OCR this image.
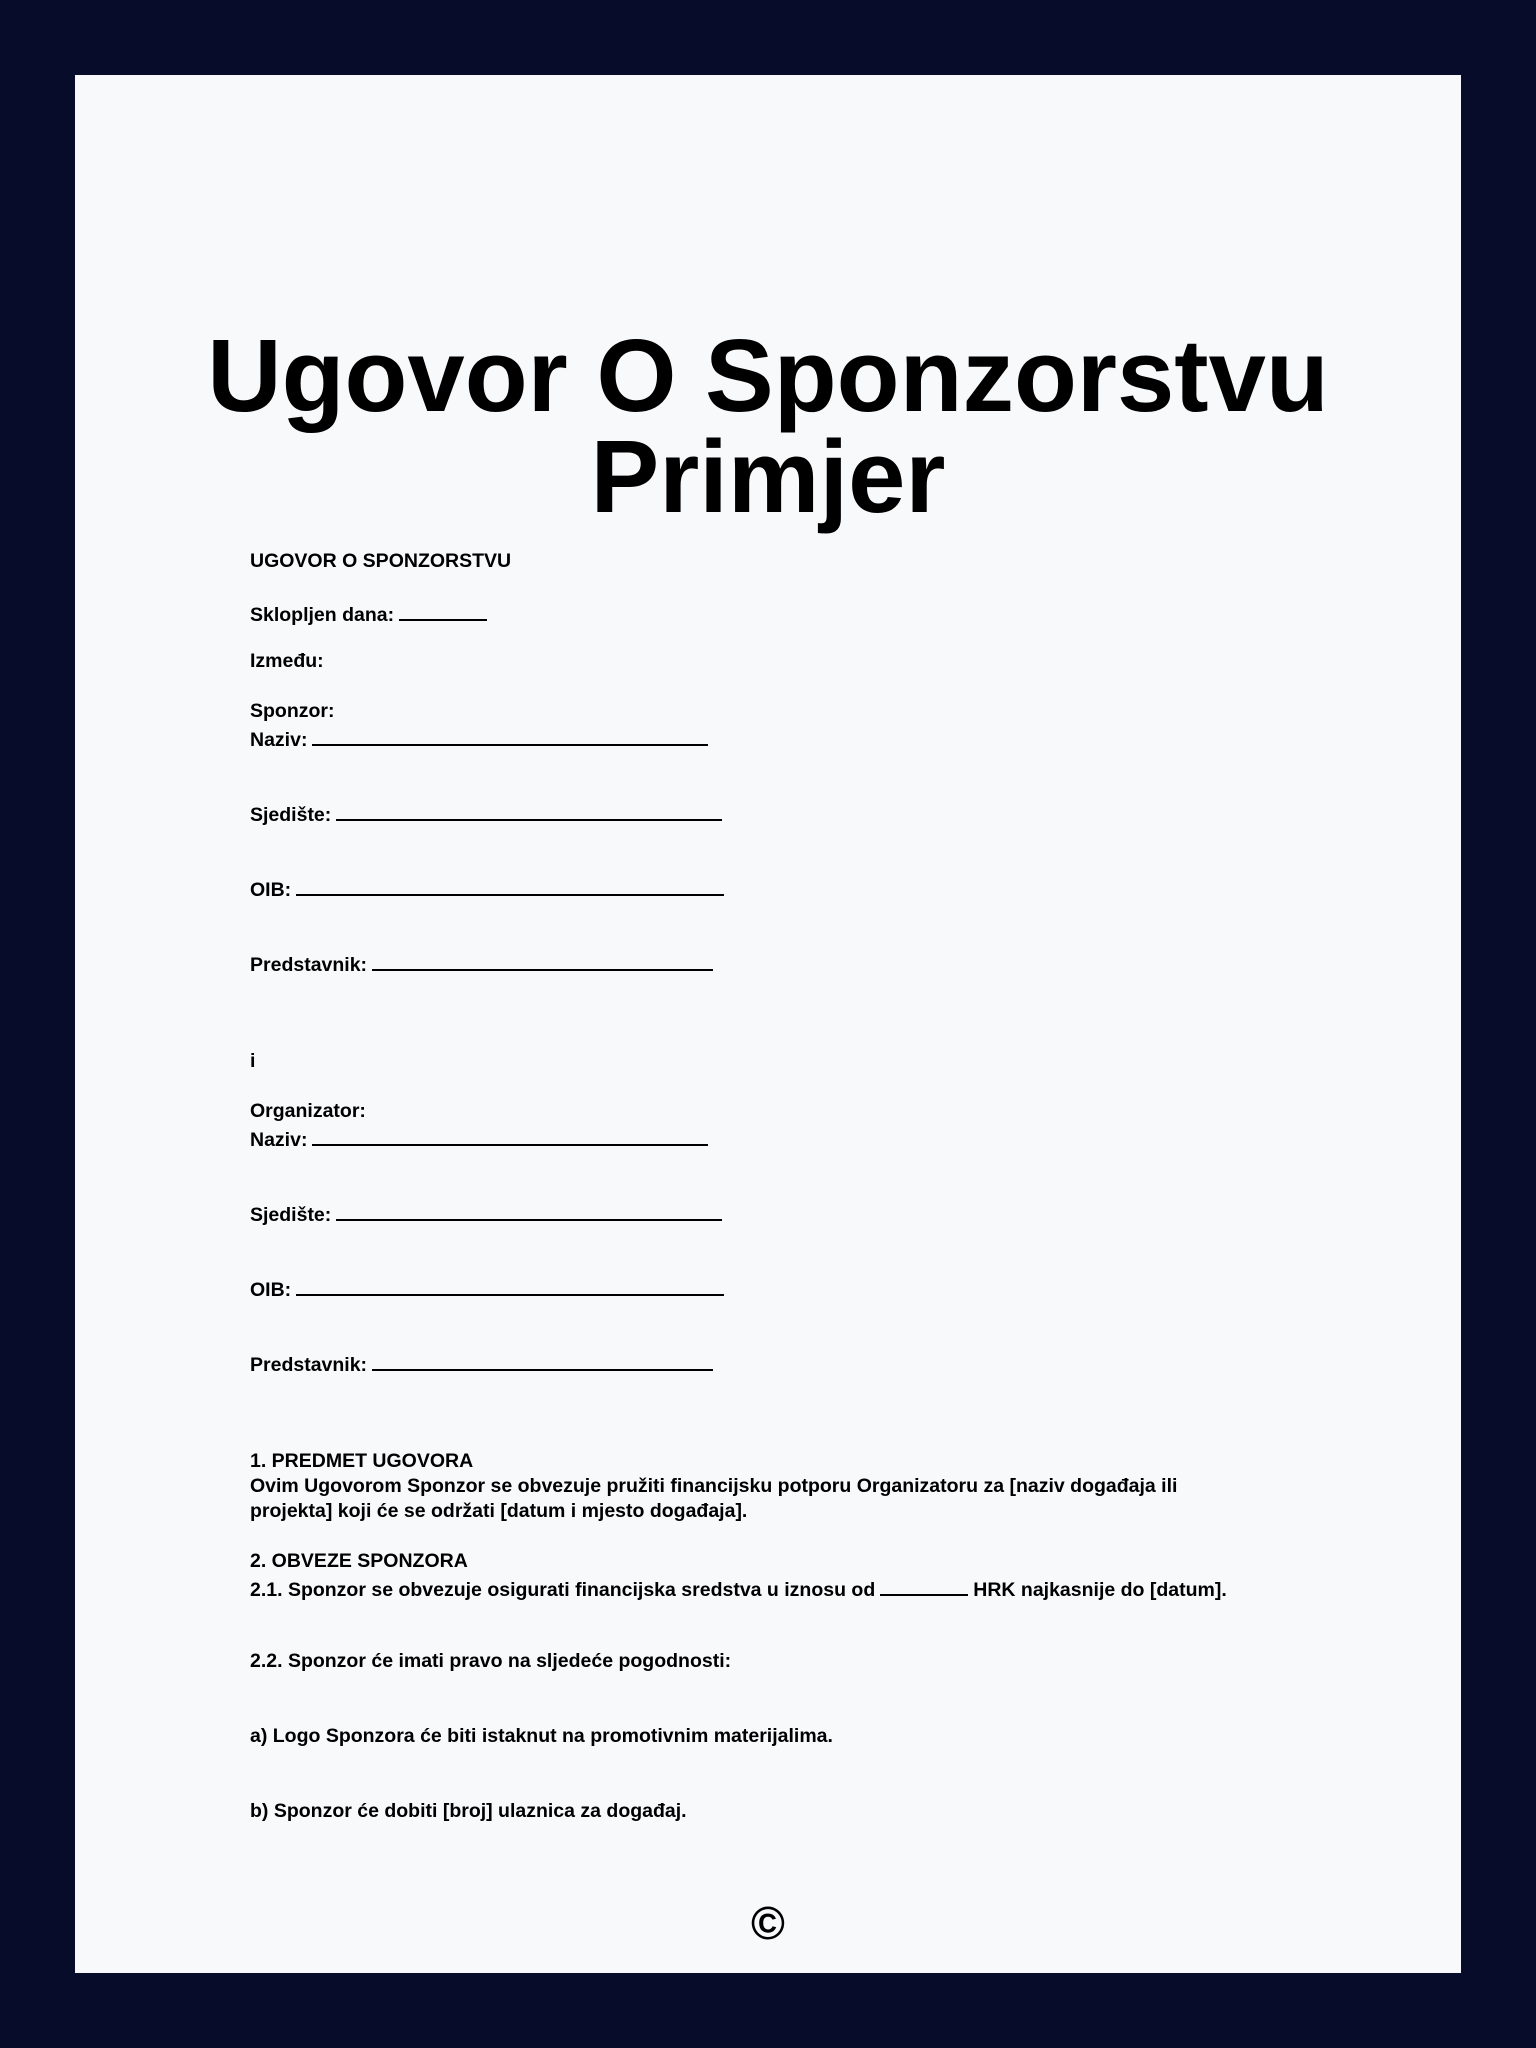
Ugovor O Sponzorstvu
Primjer
UGOVOR O SPONZORSTVU
Sklopljen dana:
Između:
Sponzor:
Naziv:
Sjedište:
OIB:
Predstavnik:
i
Organizator:
Naziv:
Sjedište:
OIB:
Predstavnik:
1. PREDMET UGOVORA
Ovim Ugovorom Sponzor se obvezuje pružiti financijsku potporu Organizatoru za [naziv događaja ili
projekta] koji će se održati [datum i mjesto događaja].
2. OBVEZE SPONZORA
2.1. Sponzor se obvezuje osigurati financijska sredstva u iznosu od	HRK najkasnije do [datum].
2.2. Sponzor će imati pravo na sljedeće pogodnosti:
a) Logo Sponzora će biti istaknut na promotivnim materijalima.
b) Sponzor će dobiti [broj] ulaznica za događaj.
©
